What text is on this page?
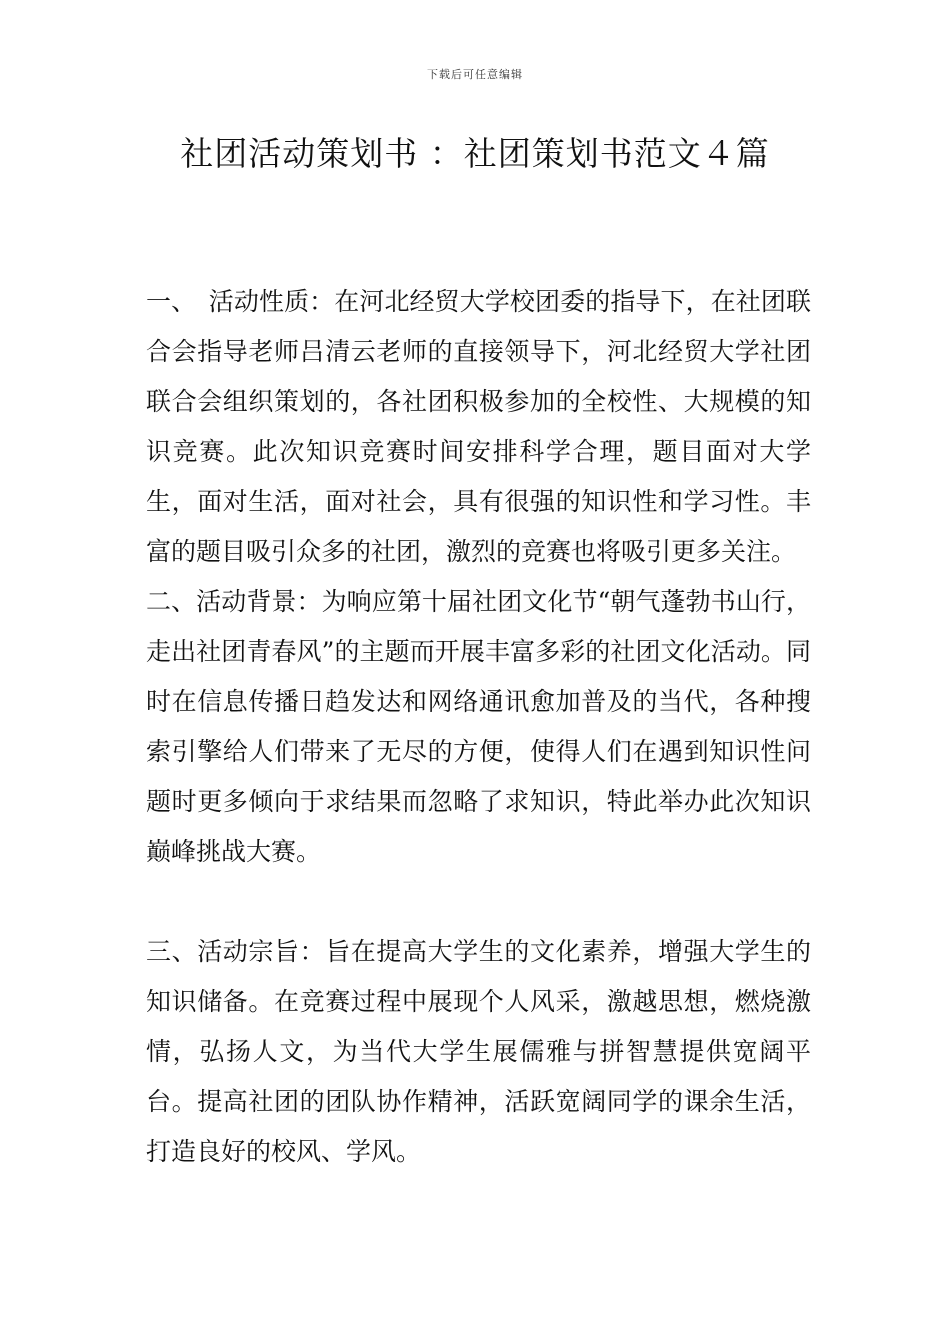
下载后可任意编辑
社团活动策划书 ：社团策划书范文４篇

一、　活动性质：在河北经贸大学校团委的指导下，在社团联合会指导老师吕清云老师的直接领导下，河北经贸大学社团联合会组织策划的，各社团积极参加的全校性、大规模的知识竞赛。此次知识竞赛时间安排科学合理，题目面对大学生，面对生活，面对社会，具有很强的知识性和学习性。丰富的题目吸引众多的社团，激烈的竞赛也将吸引更多关注。

二、活动背景：为响应第十届社团文化节“朝气蓬勃书山行，走出社团青春风”的主题而开展丰富多彩的社团文化活动。同时在信息传播日趋发达和网络通讯愈加普及的当代，各种搜索引擎给人们带来了无尽的方便，使得人们在遇到知识性问题时更多倾向于求结果而忽略了求知识，特此举办此次知识巅峰挑战大赛。

三、活动宗旨：旨在提高大学生的文化素养，增强大学生的知识储备。在竞赛过程中展现个人风采，激越思想，燃烧激情，弘扬人文，为当代大学生展儒雅与拼智慧提供宽阔平台。提高社团的团队协作精神，活跃宽阔同学的课余生活，打造良好的校风、学风。
